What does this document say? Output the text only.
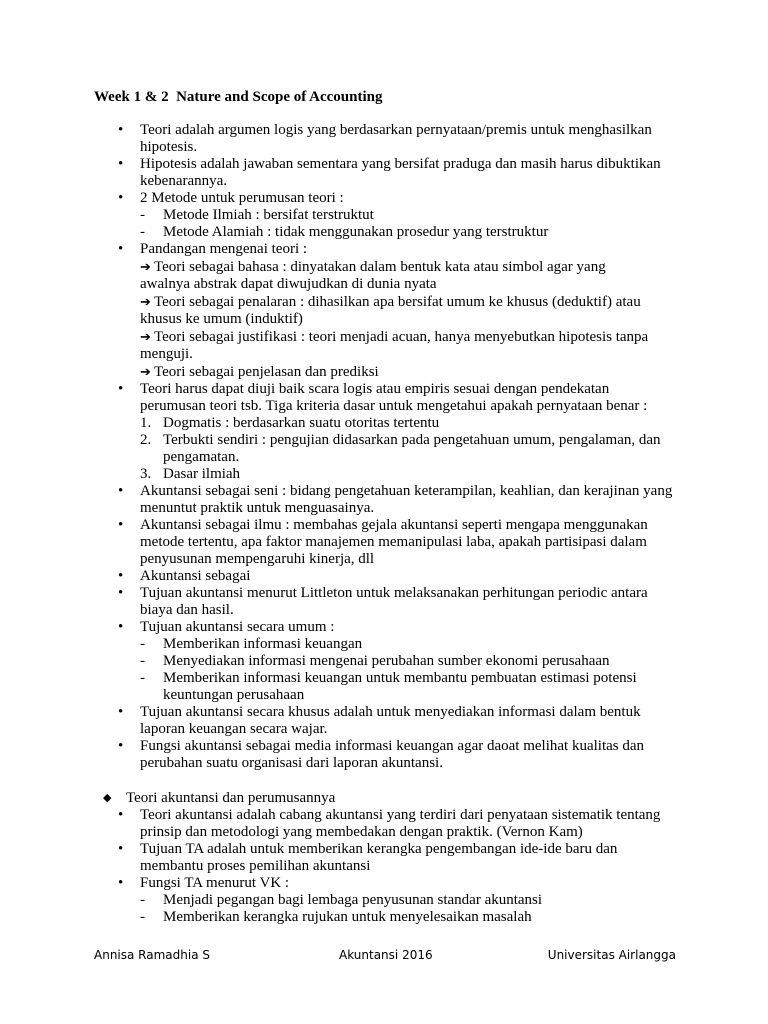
Week 1 & 2  Nature and Scope of Accounting
•	Teori adalah argumen logis yang berdasarkan pernyataan/premis untuk menghasilkan hipotesis.
•	Hipotesis adalah jawaban sementara yang bersifat praduga dan masih harus dibuktikan kebenarannya.
•	2 Metode untuk perumusan teori :
-	Metode Ilmiah : bersifat terstruktut
-	Metode Alamiah : tidak menggunakan prosedur yang terstruktur
•	Pandangan mengenai teori :
➔ Teori sebagai bahasa : dinyatakan dalam bentuk kata atau simbol agar yang
awalnya abstrak dapat diwujudkan di dunia nyata
➔ Teori sebagai penalaran : dihasilkan apa bersifat umum ke khusus (deduktif) atau
khusus ke umum (induktif)
➔ Teori sebagai justifikasi : teori menjadi acuan, hanya menyebutkan hipotesis tanpa
menguji.
➔ Teori sebagai penjelasan dan prediksi
•	Teori harus dapat diuji baik scara logis atau empiris sesuai dengan pendekatan perumusan teori tsb. Tiga kriteria dasar untuk mengetahui apakah pernyataan benar :
1. Dogmatis : berdasarkan suatu otoritas tertentu
2. Terbukti sendiri : pengujian didasarkan pada pengetahuan umum, pengalaman, dan pengamatan.
3. Dasar ilmiah
•	Akuntansi sebagai seni : bidang pengetahuan keterampilan, keahlian, dan kerajinan yang menuntut praktik untuk menguasainya.
•	Akuntansi sebagai ilmu : membahas gejala akuntansi seperti mengapa menggunakan metode tertentu, apa faktor manajemen memanipulasi laba, apakah partisipasi dalam penyusunan mempengaruhi kinerja, dll
•	Akuntansi sebagai
•	Tujuan akuntansi menurut Littleton untuk melaksanakan perhitungan periodic antara biaya dan hasil.
•	Tujuan akuntansi secara umum :
-	Memberikan informasi keuangan
-	Menyediakan informasi mengenai perubahan sumber ekonomi perusahaan
-	Memberikan informasi keuangan untuk membantu pembuatan estimasi potensi keuntungan perusahaan
•	Tujuan akuntansi secara khusus adalah untuk menyediakan informasi dalam bentuk laporan keuangan secara wajar.
•	Fungsi akuntansi sebagai media informasi keuangan agar daoat melihat kualitas dan perubahan suatu organisasi dari laporan akuntansi.
◆ Teori akuntansi dan perumusannya
•	Teori akuntansi adalah cabang akuntansi yang terdiri dari penyataan sistematik tentang prinsip dan metodologi yang membedakan dengan praktik. (Vernon Kam)
•	Tujuan TA adalah untuk memberikan kerangka pengembangan ide-ide baru dan membantu proses pemilihan akuntansi
•	Fungsi TA menurut VK :
-	Menjadi pegangan bagi lembaga penyusunan standar akuntansi
-	Memberikan kerangka rujukan untuk menyelesaikan masalah
Annisa Ramadhia S	Akuntansi 2016	Universitas Airlangga
